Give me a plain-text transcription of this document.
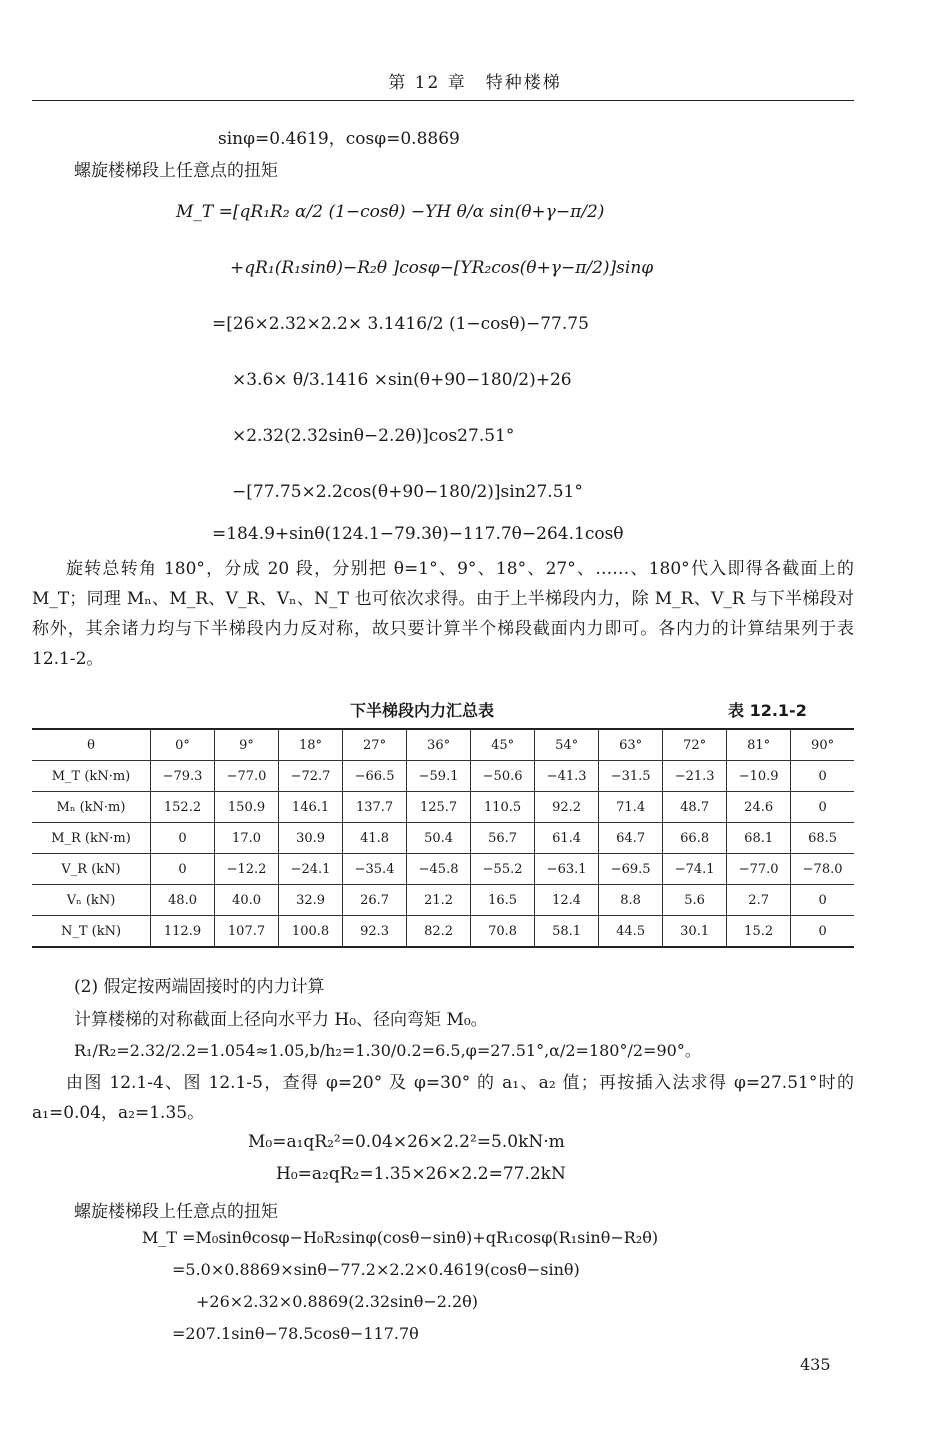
第 12 章　特种楼梯
sinφ=0.4619，cosφ=0.8869
螺旋楼梯段上任意点的扭矩
M_T =[qR₁R₂ α/2 (1−cosθ) −YH θ/α sin(θ+γ−π/2)
+qR₁(R₁sinθ)−R₂θ ]cosφ−[YR₂cos(θ+γ−π/2)]sinφ
=[26×2.32×2.2× 3.1416/2 (1−cosθ)−77.75
×3.6× θ/3.1416 ×sin(θ+90−180/2)+26
×2.32(2.32sinθ−2.2θ)]cos27.51°
−[77.75×2.2cos(θ+90−180/2)]sin27.51°
=184.9+sinθ(124.1−79.3θ)−117.7θ−264.1cosθ

旋转总转角 180°，分成 20 段，分别把 θ=1°、9°、18°、27°、……、180°代入即得各截面上的 M_T；同理 Mₙ、M_R、V_R、Vₙ、N_T 也可依次求得。由于上半梯段内力，除 M_R、V_R 与下半梯段对称外，其余诸力均与下半梯段内力反对称，故只要计算半个梯段截面内力即可。各内力的计算结果列于表 12.1-2。

下半梯段内力汇总表	表 12.1-2
θ	0°	9°	18°	27°	36°	45°	54°	63°	72°	81°	90°
M_T (kN·m)	−79.3	−77.0	−72.7	−66.5	−59.1	−50.6	−41.3	−31.5	−21.3	−10.9	0
Mₙ (kN·m)	152.2	150.9	146.1	137.7	125.7	110.5	92.2	71.4	48.7	24.6	0
M_R (kN·m)	0	17.0	30.9	41.8	50.4	56.7	61.4	64.7	66.8	68.1	68.5
V_R (kN)	0	−12.2	−24.1	−35.4	−45.8	−55.2	−63.1	−69.5	−74.1	−77.0	−78.0
Vₙ (kN)	48.0	40.0	32.9	26.7	21.2	16.5	12.4	8.8	5.6	2.7	0
N_T (kN)	112.9	107.7	100.8	92.3	82.2	70.8	58.1	44.5	30.1	15.2	0
(2) 假定按两端固接时的内力计算
计算楼梯的对称截面上径向水平力 H₀、径向弯矩 M₀。
R₁/R₂=2.32/2.2=1.054≈1.05,b/h₂=1.30/0.2=6.5,φ=27.51°,α/2=180°/2=90°。

由图 12.1-4、图 12.1-5，查得 φ=20° 及 φ=30° 的 a₁、a₂ 值；再按插入法求得 φ=27.51°时的 a₁=0.04，a₂=1.35。

M₀=a₁qR₂²=0.04×26×2.2²=5.0kN·m
H₀=a₂qR₂=1.35×26×2.2=77.2kN
螺旋楼梯段上任意点的扭矩
M_T =M₀sinθcosφ−H₀R₂sinφ(cosθ−sinθ)+qR₁cosφ(R₁sinθ−R₂θ)
=5.0×0.8869×sinθ−77.2×2.2×0.4619(cosθ−sinθ)
+26×2.32×0.8869(2.32sinθ−2.2θ)
=207.1sinθ−78.5cosθ−117.7θ
435
